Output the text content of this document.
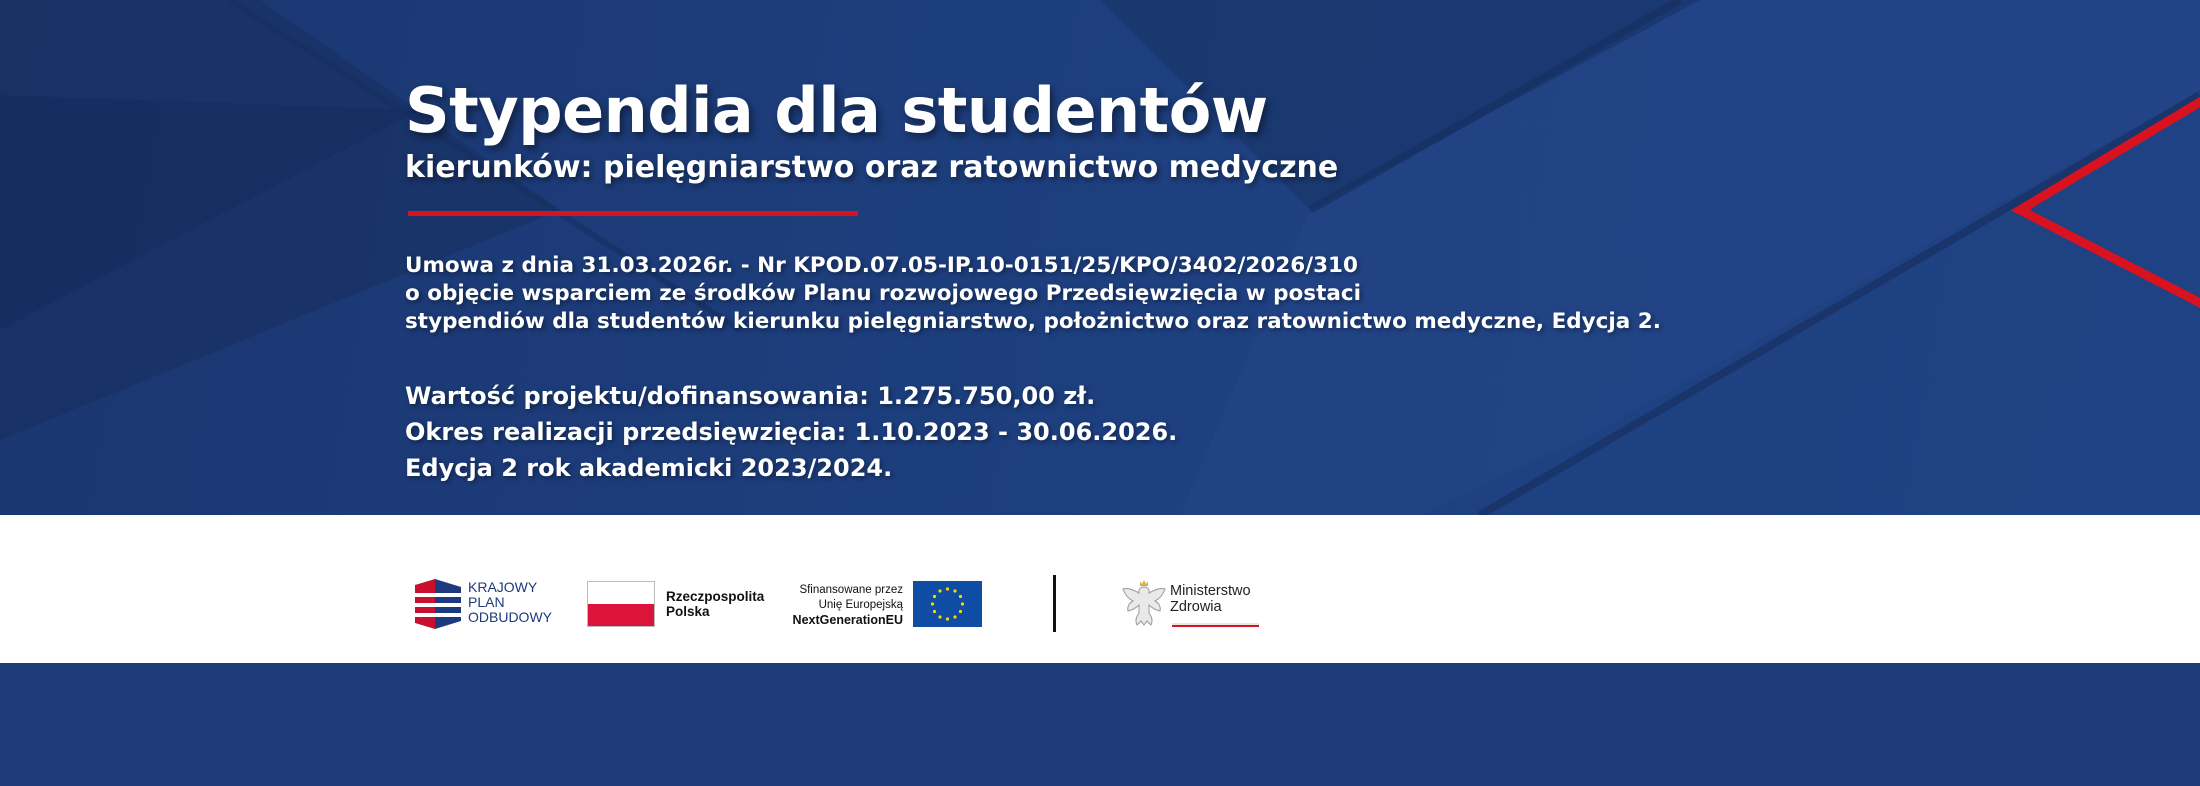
Stypendia dla studentów
kierunków: pielęgniarstwo oraz ratownictwo medyczne
Umowa z dnia 31.03.2026r. - Nr KPOD.07.05-IP.10-0151/25/KPO/3402/2026/310
o objęcie wsparciem ze środków Planu rozwojowego Przedsięwzięcia w postaci
stypendiów dla studentów kierunku pielęgniarstwo, położnictwo oraz ratownictwo medyczne, Edycja 2.
Wartość projektu/dofinansowania: 1.275.750,00 zł.
Okres realizacji przedsięwzięcia: 1.10.2023 - 30.06.2026.
Edycja 2 rok akademicki 2023/2024.
KRAJOWY
PLAN
ODBUDOWY
Rzeczpospolita
Polska
Sfinansowane przez
Unię Europejską
NextGenerationEU
Ministerstwo
Zdrowia
